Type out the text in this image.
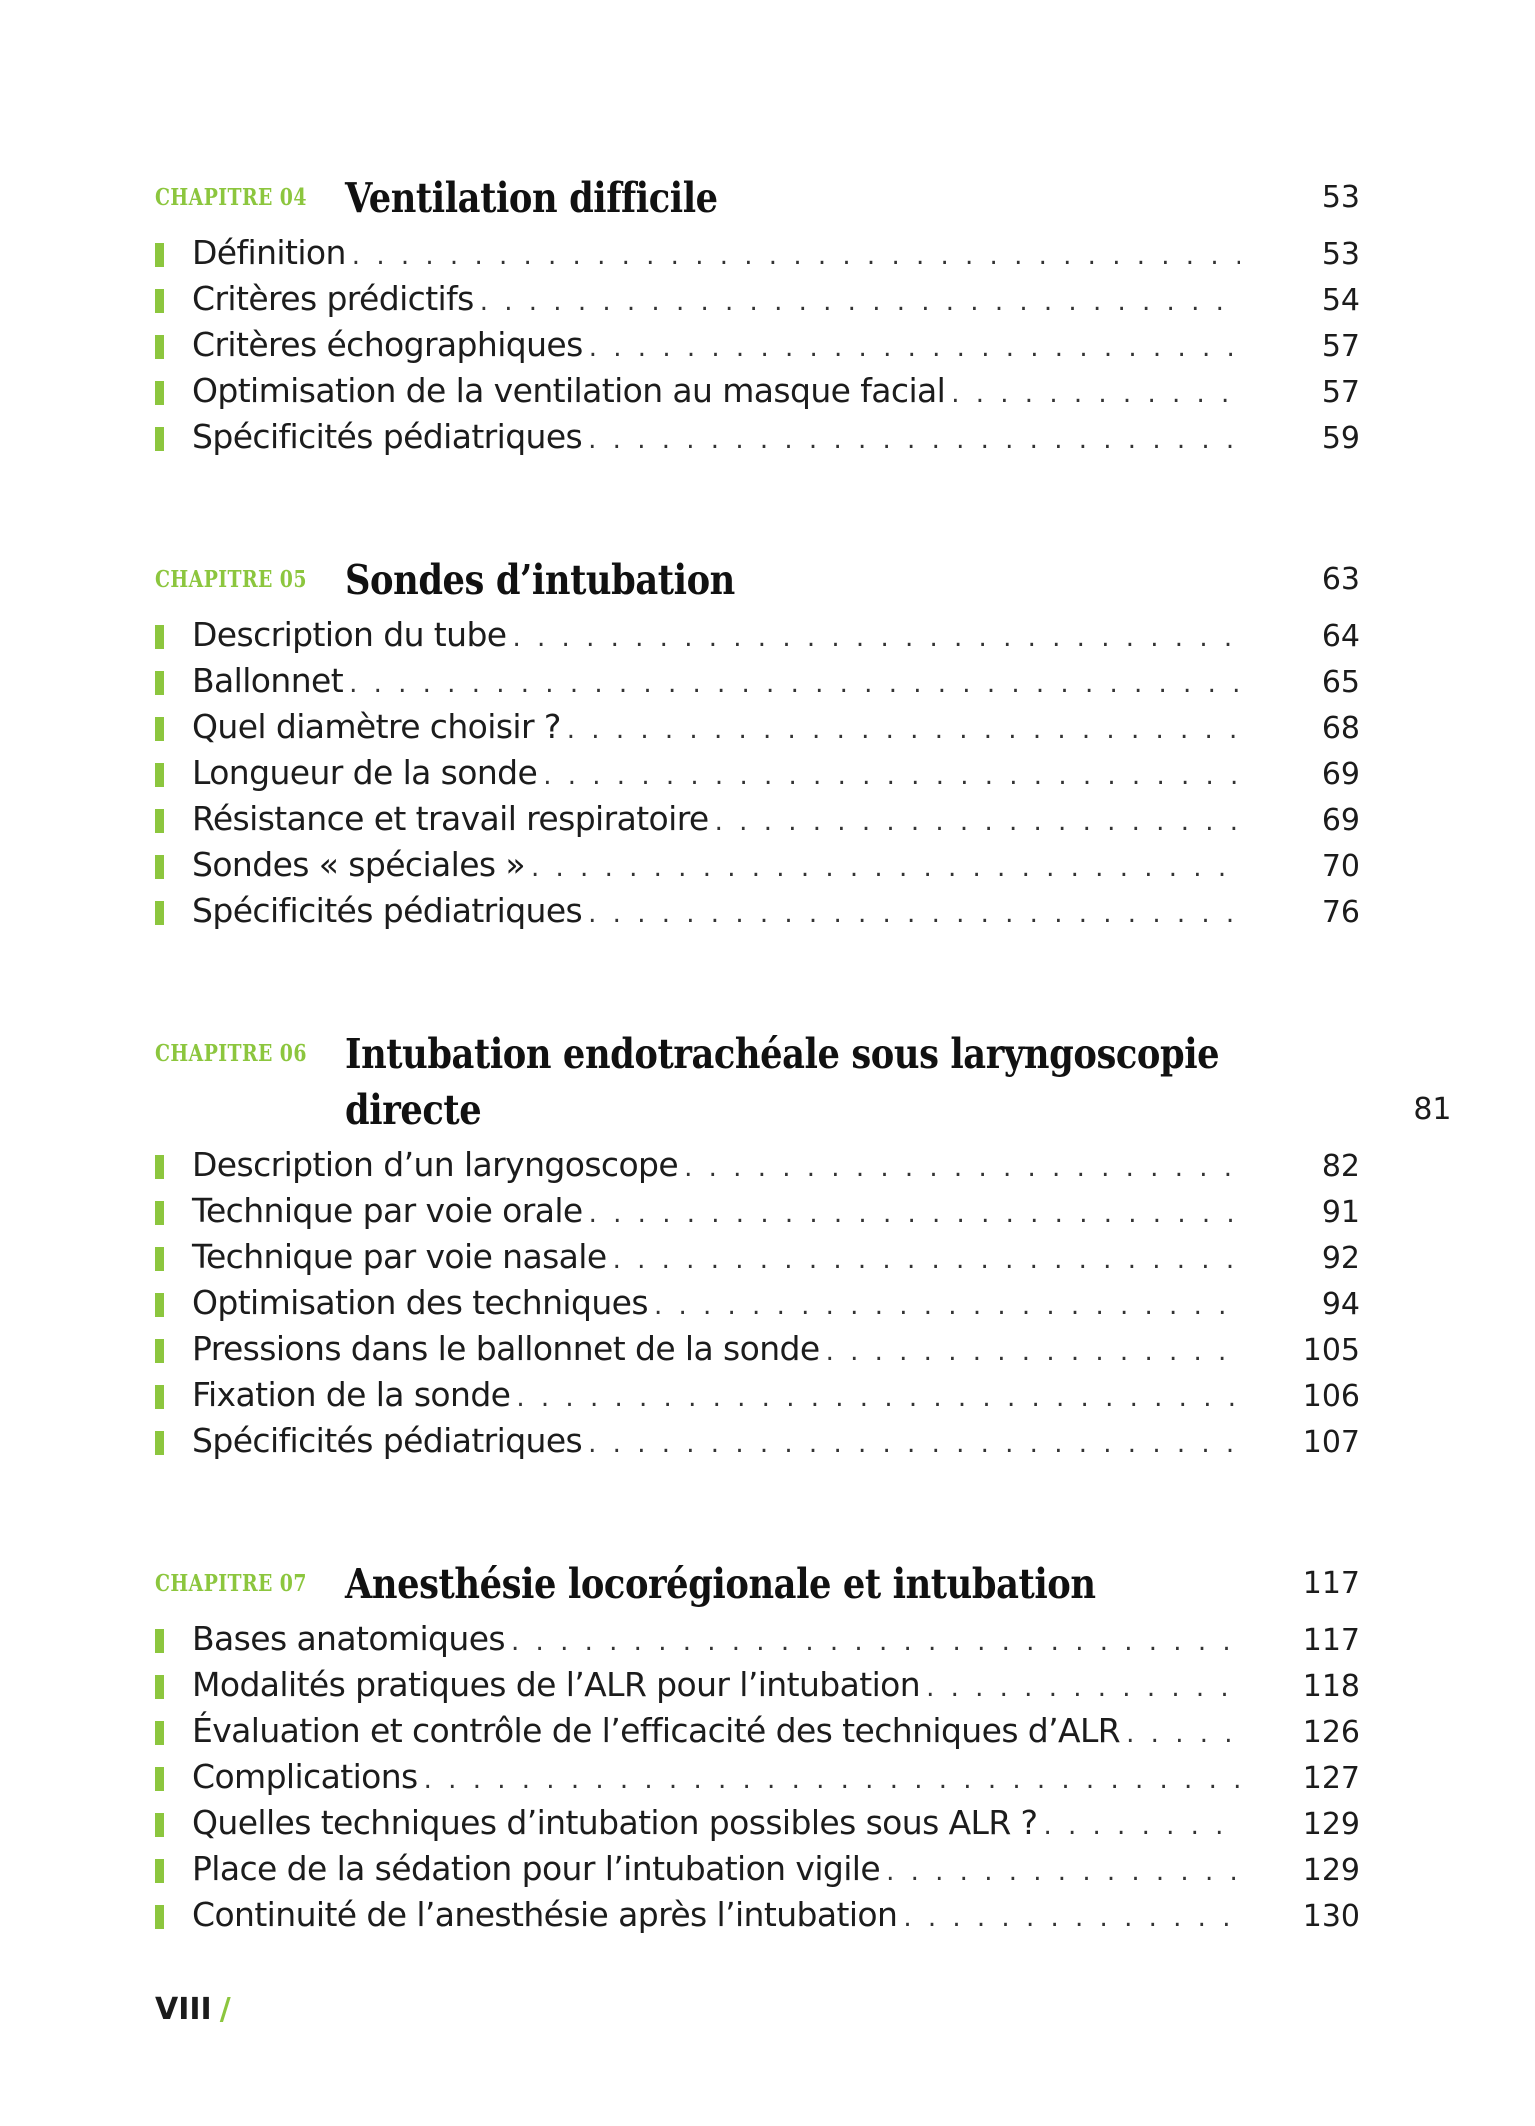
CHAPITRE 04 Ventilation difficile	53
Définition . . .	53
Critères prédictifs . . .	54
Critères échographiques . . .	57
Optimisation de la ventilation au masque facial . . .	57
Spécificités pédiatriques . . .	59
CHAPITRE 05 Sondes d’intubation	63
Description du tube . . .	64
Ballonnet . . .	65
Quel diamètre choisir ? . . .	68
Longueur de la sonde . . .	69
Résistance et travail respiratoire . . .	69
Sondes « spéciales » . . .	70
Spécificités pédiatriques . . .	76
CHAPITRE 06 Intubation endotrachéale sous laryngoscopie
directe	81
Description d’un laryngoscope . . .	82
Technique par voie orale . . .	91
Technique par voie nasale . . .	92
Optimisation des techniques . . .	94
Pressions dans le ballonnet de la sonde . . .	105
Fixation de la sonde . . .	106
Spécificités pédiatriques . . .	107
CHAPITRE 07 Anesthésie locorégionale et intubation	117
Bases anatomiques . . .	117
Modalités pratiques de l’ALR pour l’intubation . . .	118
Évaluation et contrôle de l’efficacité des techniques d’ALR . . .	126
Complications . . .	127
Quelles techniques d’intubation possibles sous ALR ? . . .	129
Place de la sédation pour l’intubation vigile . . .	129
Continuité de l’anesthésie après l’intubation . . .	130
VIII /
